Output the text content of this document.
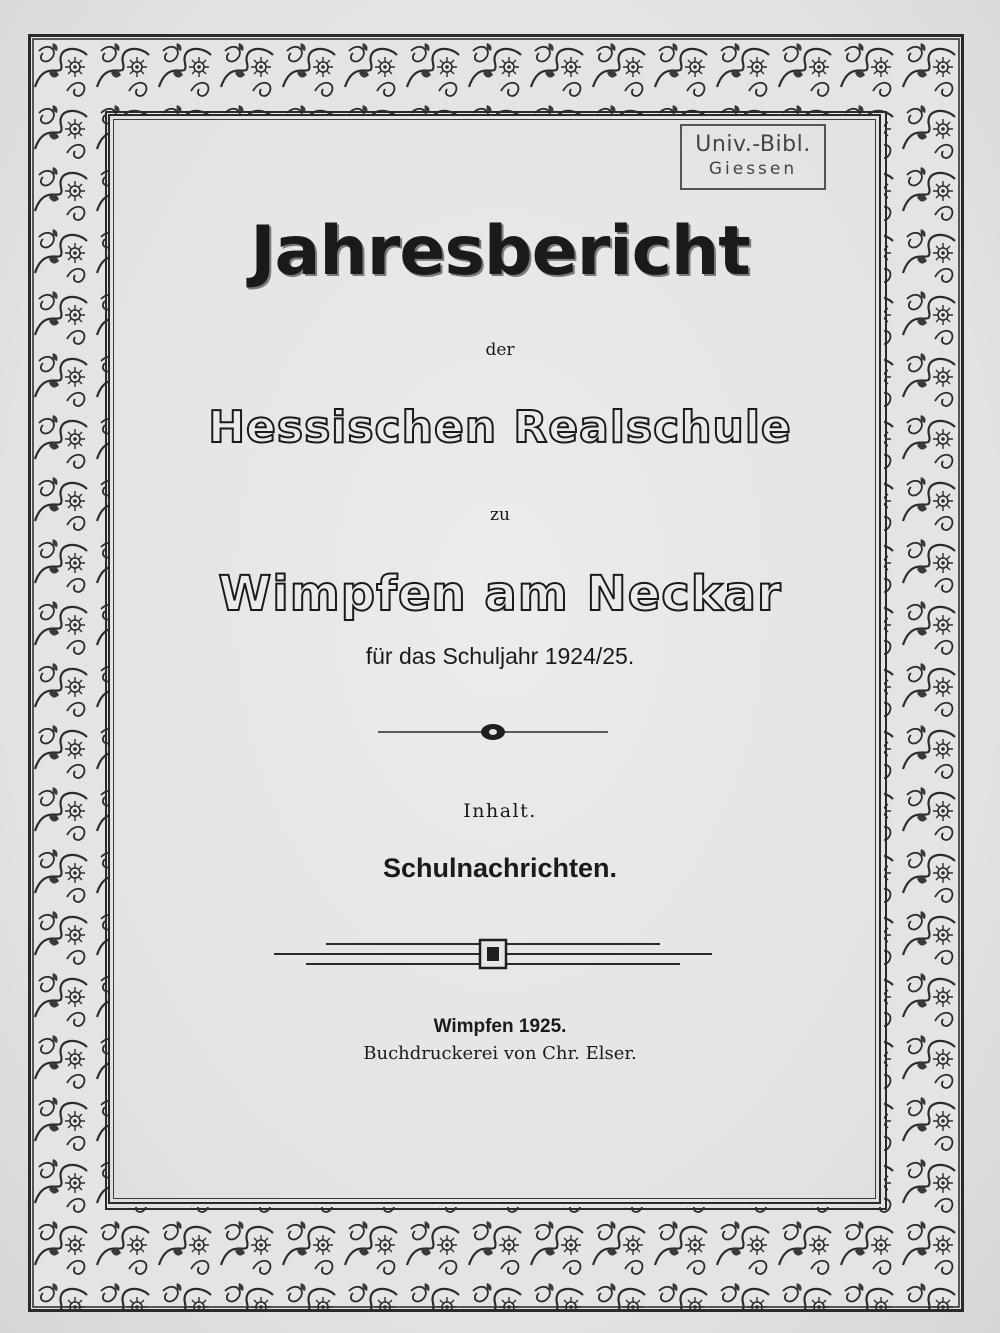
Univ.-Bibl.
Giessen
Jahresbericht
der
Hessischen Realschule
zu
Wimpfen am Neckar
für das Schuljahr 1924/25.
Inhalt.
Schulnachrichten.
Wimpfen 1925.
Buchdruckerei von Chr. Elser.
